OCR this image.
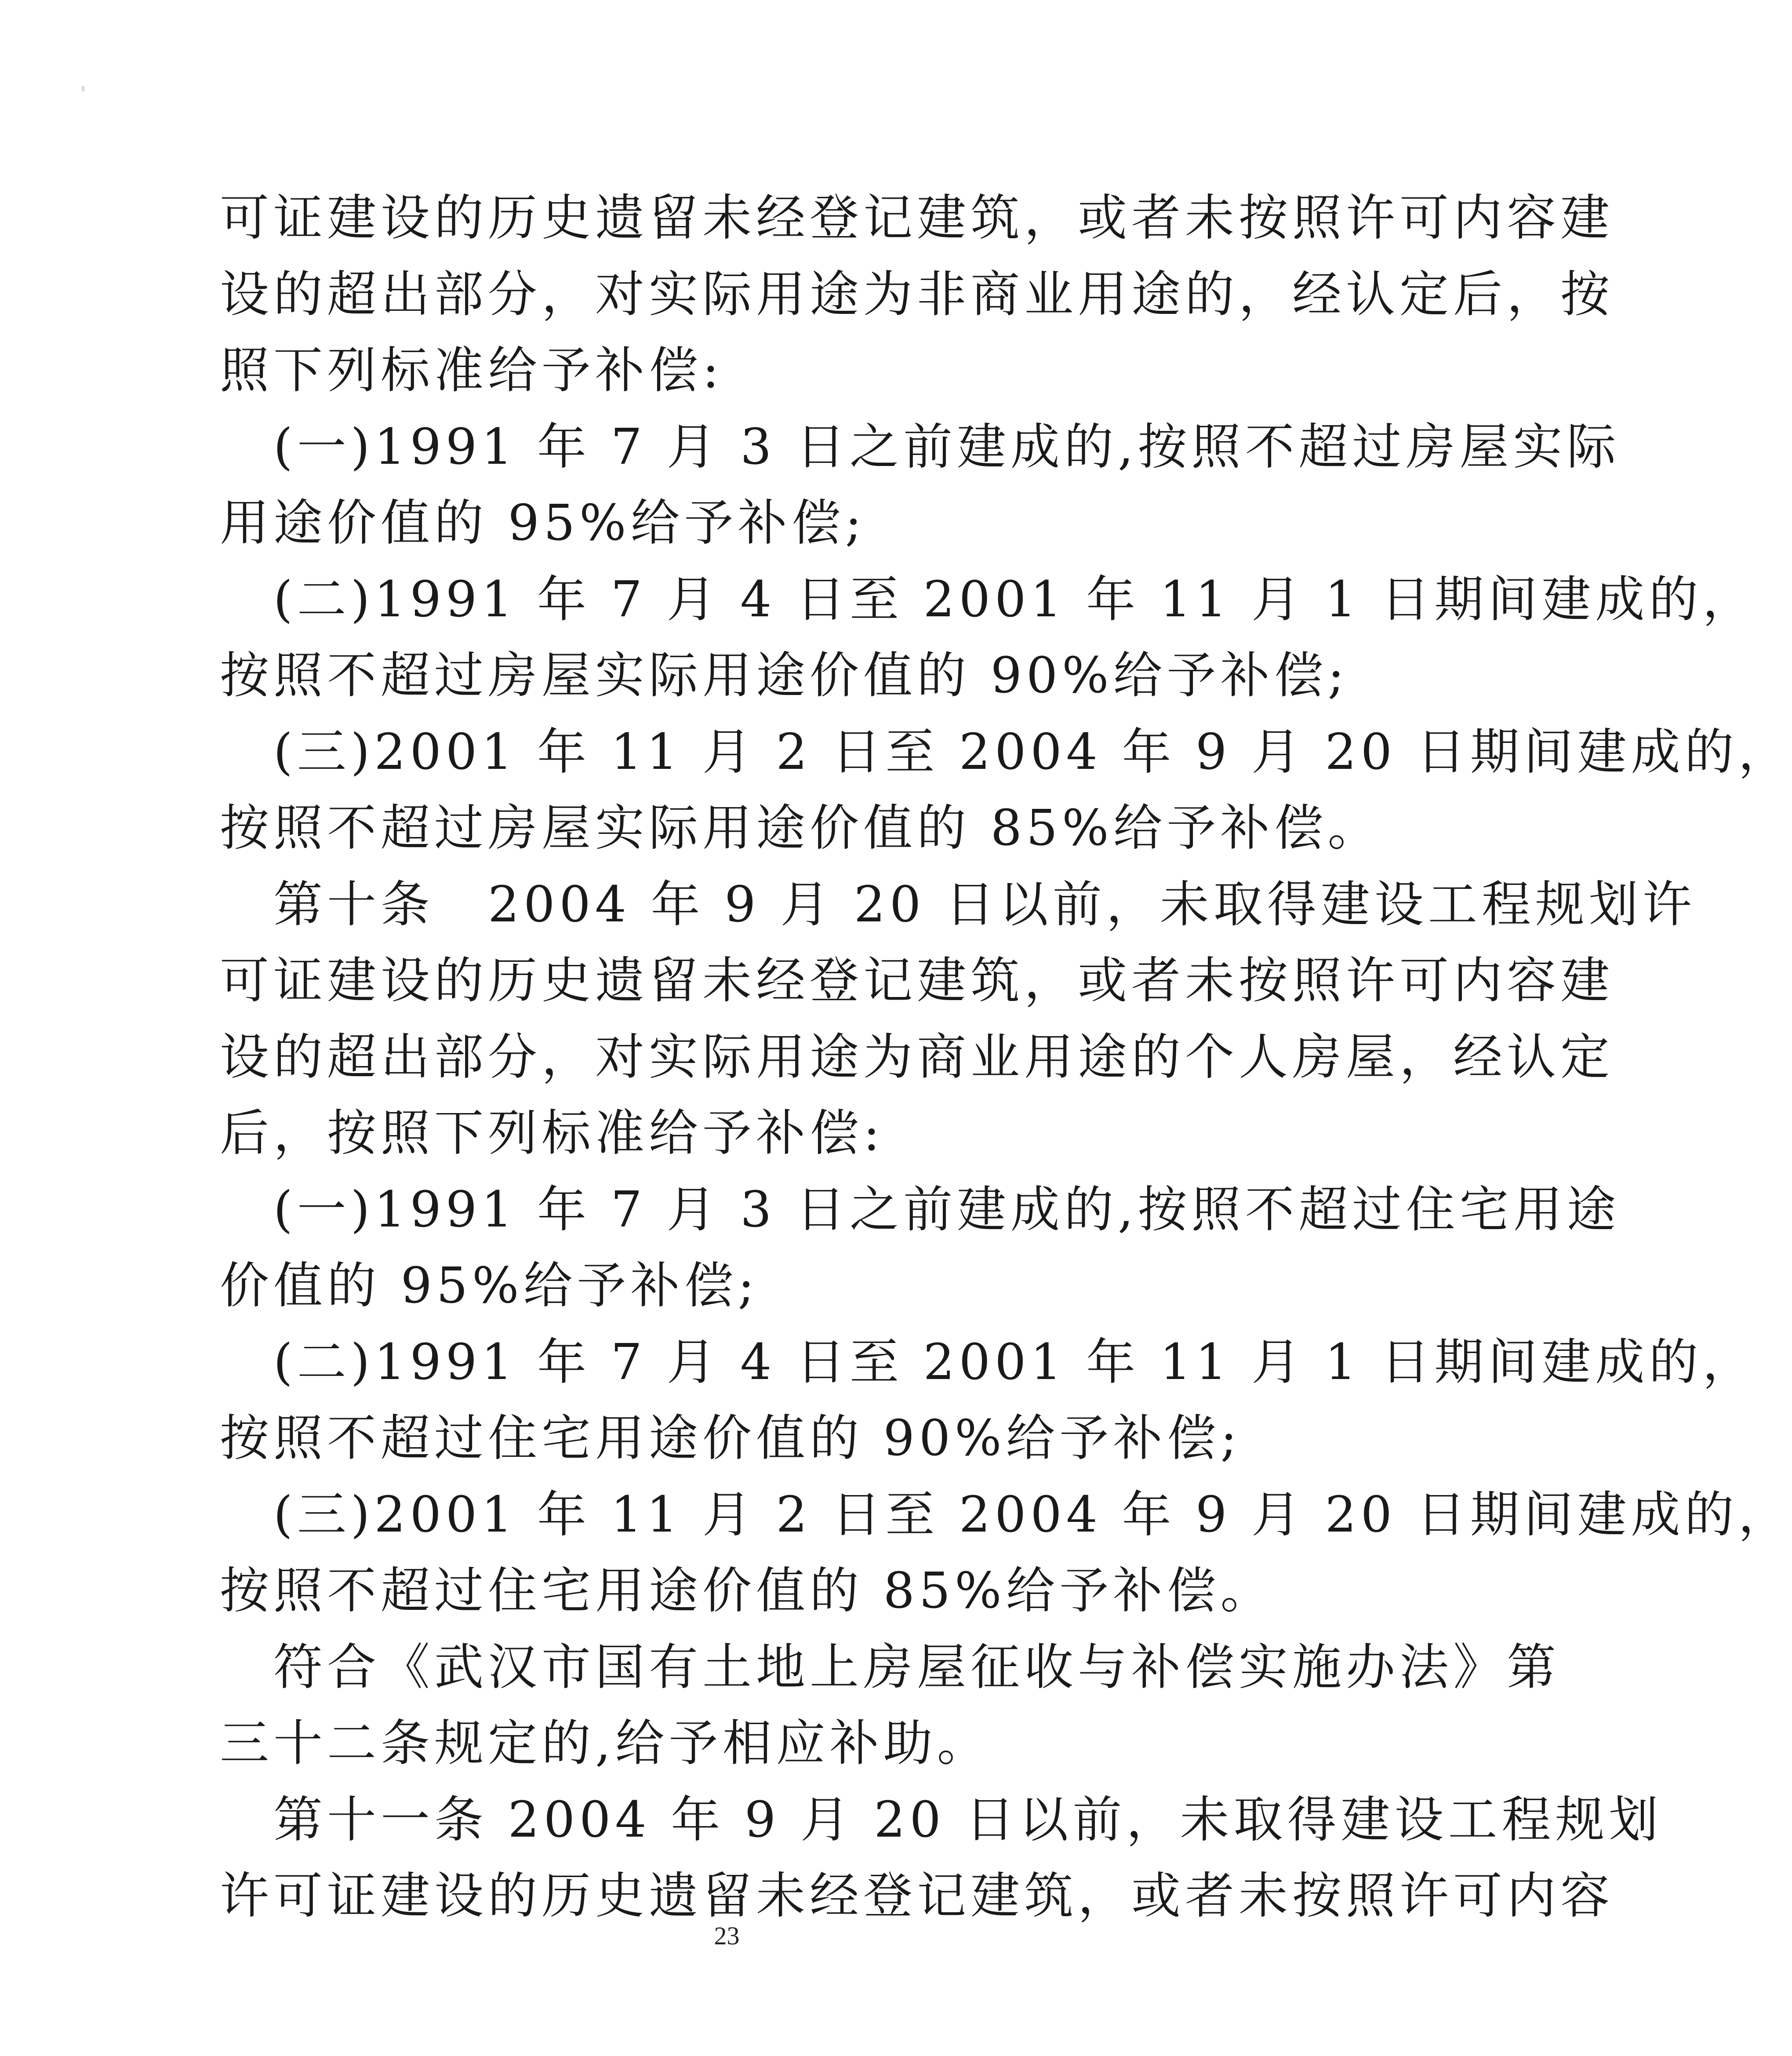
可证建设的历史遗留未经登记建筑，或者未按照许可内容建
设的超出部分，对实际用途为非商业用途的，经认定后，按
照下列标准给予补偿:
　(一)1991 年 7 月 3 日之前建成的,按照不超过房屋实际
用途价值的 95%给予补偿;
　(二)1991 年 7 月 4 日至 2001 年 11 月 1 日期间建成的，
按照不超过房屋实际用途价值的 90%给予补偿;
　(三)2001 年 11 月 2 日至 2004 年 9 月 20 日期间建成的，
按照不超过房屋实际用途价值的 85%给予补偿。
　第十条　2004 年 9 月 20 日以前，未取得建设工程规划许
可证建设的历史遗留未经登记建筑，或者未按照许可内容建
设的超出部分，对实际用途为商业用途的个人房屋，经认定
后，按照下列标准给予补偿:
　(一)1991 年 7 月 3 日之前建成的,按照不超过住宅用途
价值的 95%给予补偿;
　(二)1991 年 7 月 4 日至 2001 年 11 月 1 日期间建成的，
按照不超过住宅用途价值的 90%给予补偿;
　(三)2001 年 11 月 2 日至 2004 年 9 月 20 日期间建成的，
按照不超过住宅用途价值的 85%给予补偿。
　符合《武汉市国有土地上房屋征收与补偿实施办法》第
三十二条规定的,给予相应补助。
　第十一条 2004 年 9 月 20 日以前，未取得建设工程规划
许可证建设的历史遗留未经登记建筑，或者未按照许可内容
23
